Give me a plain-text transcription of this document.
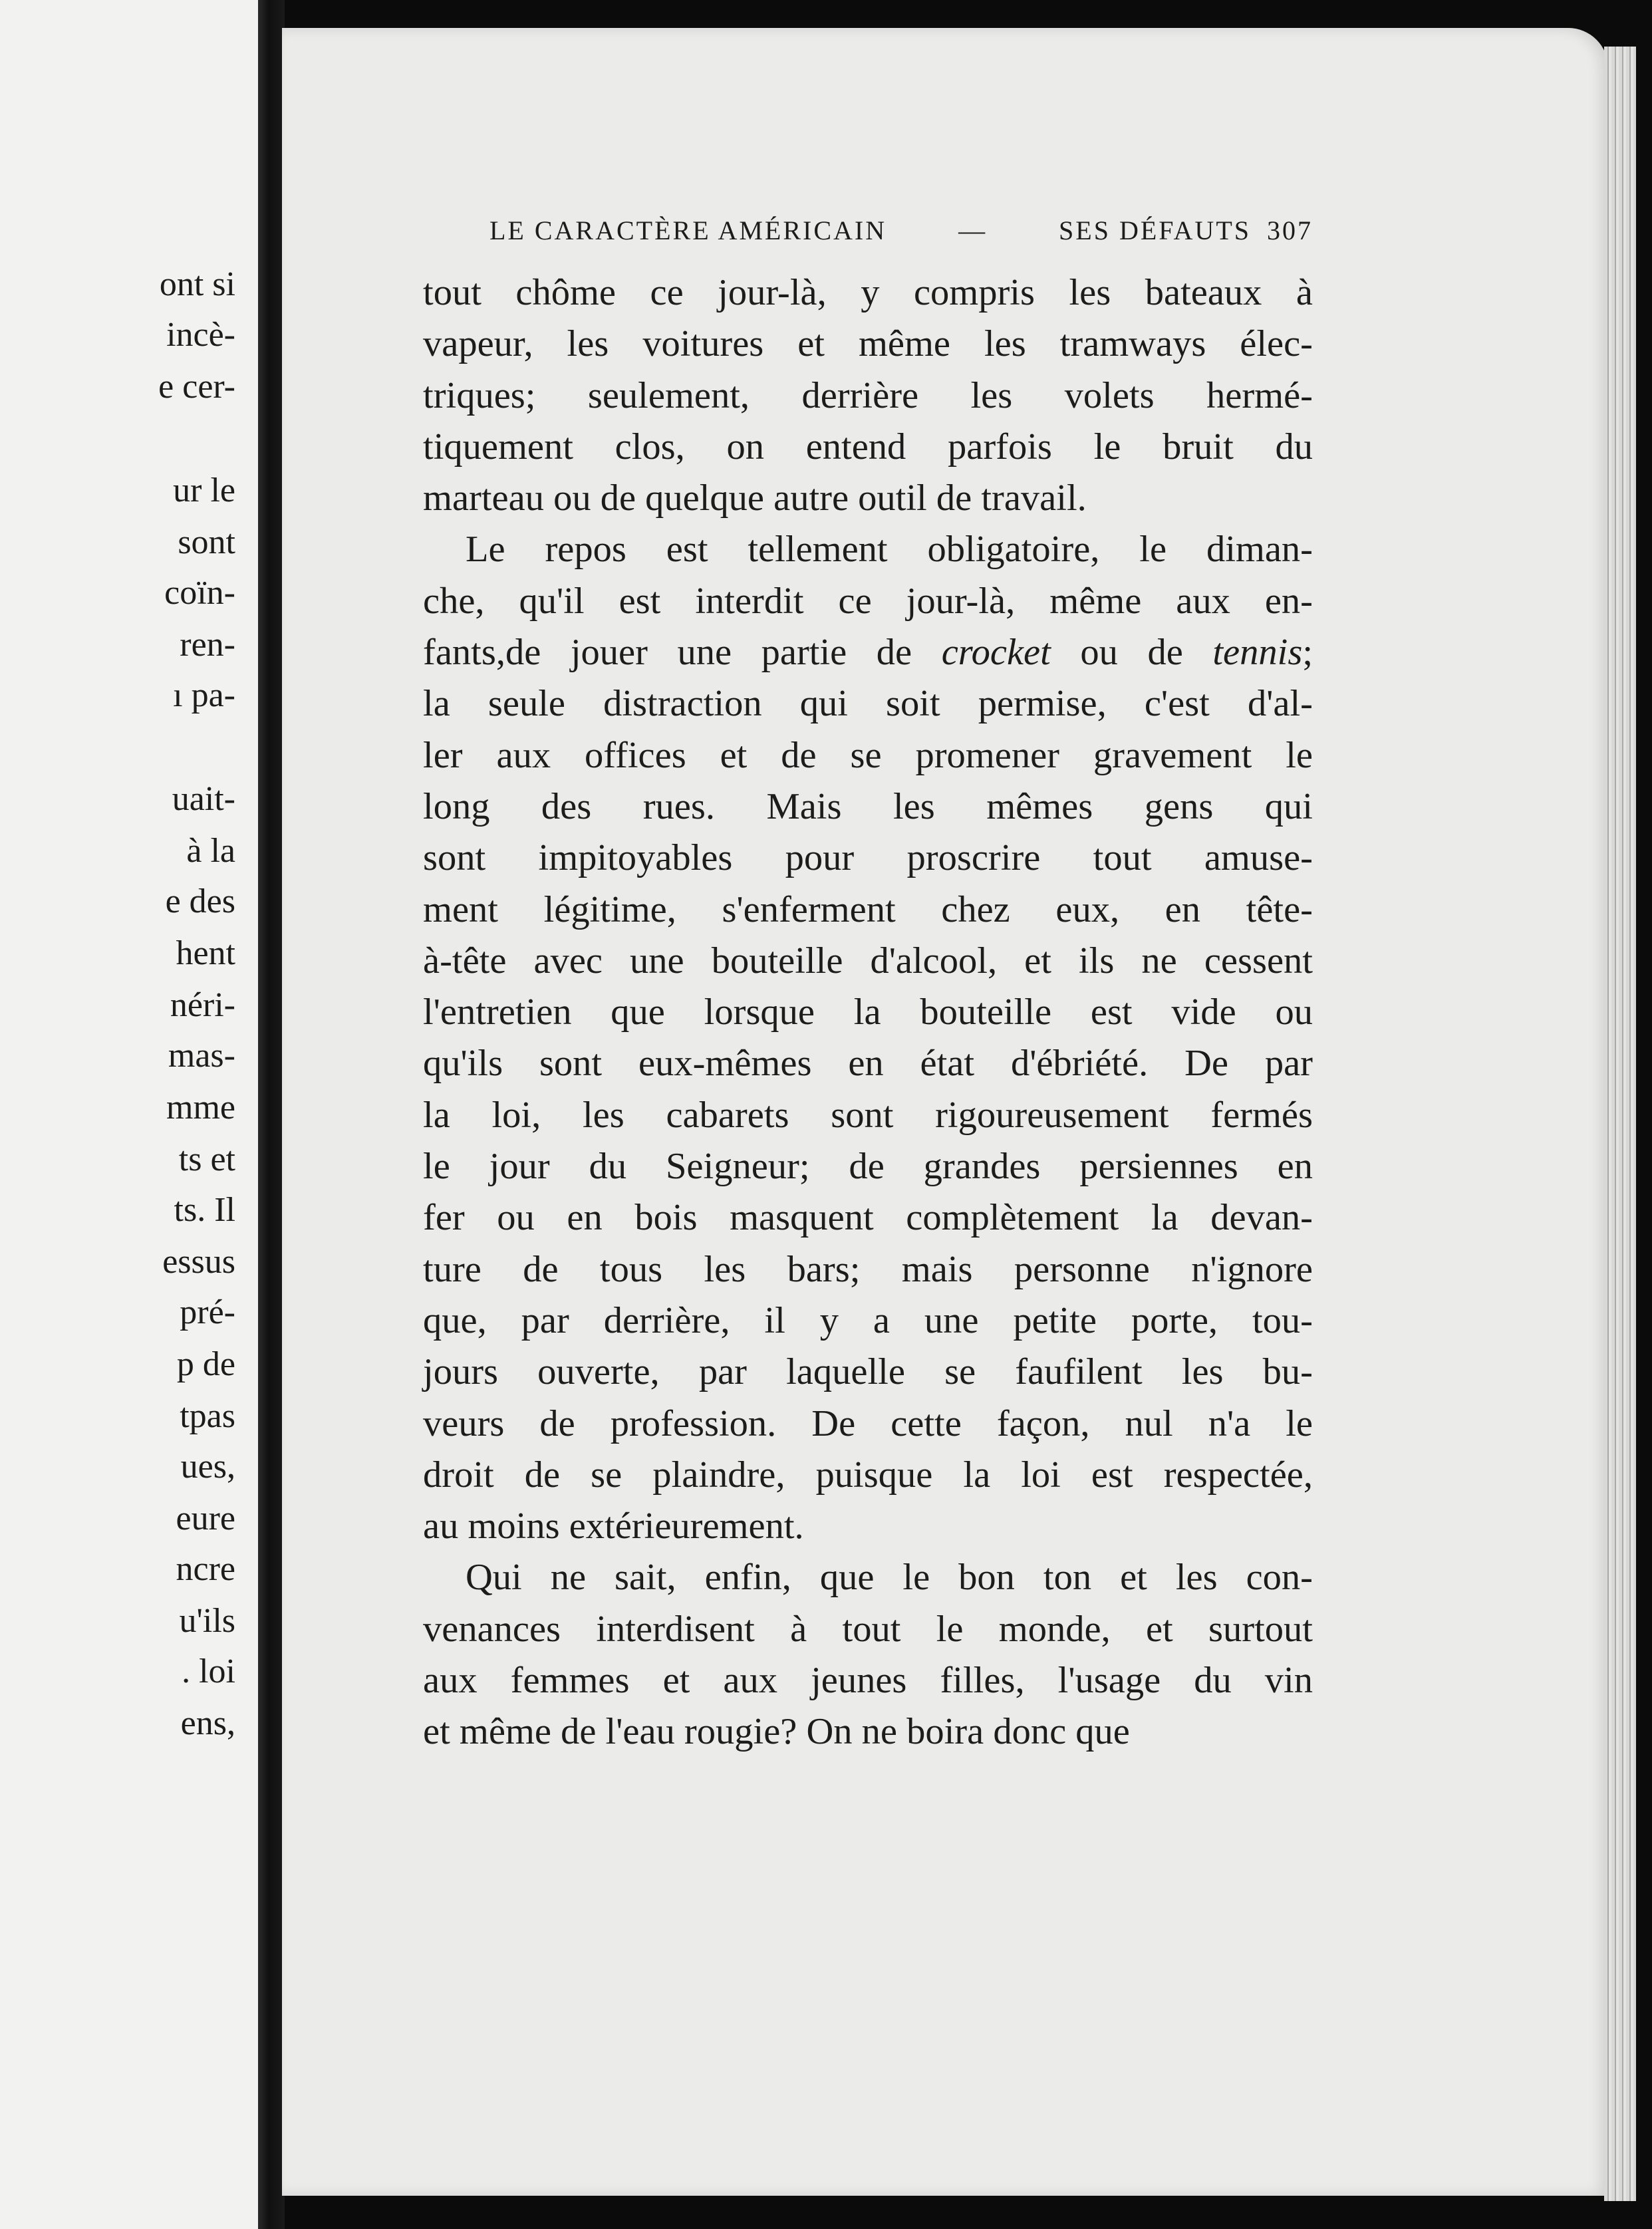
ont si
incè-
e cer-
ur le
sont
coïn-
ren-
ı pa-
uait-
à la
e des
hent
néri-
mas-
mme
ts et
ts. Il
essus
pré-
p de
tpas
ues,
eure
ncre
u'ils
. loi
ens,
LE CARACTÈRE AMÉRICAIN	—	SES DÉFAUTS 307
tout chôme ce jour-là, y compris les bateaux à
vapeur, les voitures et même les tramways élec-
triques; seulement, derrière les volets hermé-
tiquement clos, on entend parfois le bruit du
marteau ou de quelque autre outil de travail.
Le repos est tellement obligatoire, le diman-
che, qu'il est interdit ce jour-là, même aux en-
fants,de jouer une partie de crocket ou de tennis;
la seule distraction qui soit permise, c'est d'al-
ler aux offices et de se promener gravement le
long des rues. Mais les mêmes gens qui
sont impitoyables pour proscrire tout amuse-
ment légitime, s'enferment chez eux, en tête-
à-tête avec une bouteille d'alcool, et ils ne cessent
l'entretien que lorsque la bouteille est vide ou
qu'ils sont eux-mêmes en état d'ébriété. De par
la loi, les cabarets sont rigoureusement fermés
le jour du Seigneur; de grandes persiennes en
fer ou en bois masquent complètement la devan-
ture de tous les bars; mais personne n'ignore
que, par derrière, il y a une petite porte, tou-
jours ouverte, par laquelle se faufilent les bu-
veurs de profession. De cette façon, nul n'a le
droit de se plaindre, puisque la loi est respectée,
au moins extérieurement.
Qui ne sait, enfin, que le bon ton et les con-
venances interdisent à tout le monde, et surtout
aux femmes et aux jeunes filles, l'usage du vin
et même de l'eau rougie? On ne boira donc que
